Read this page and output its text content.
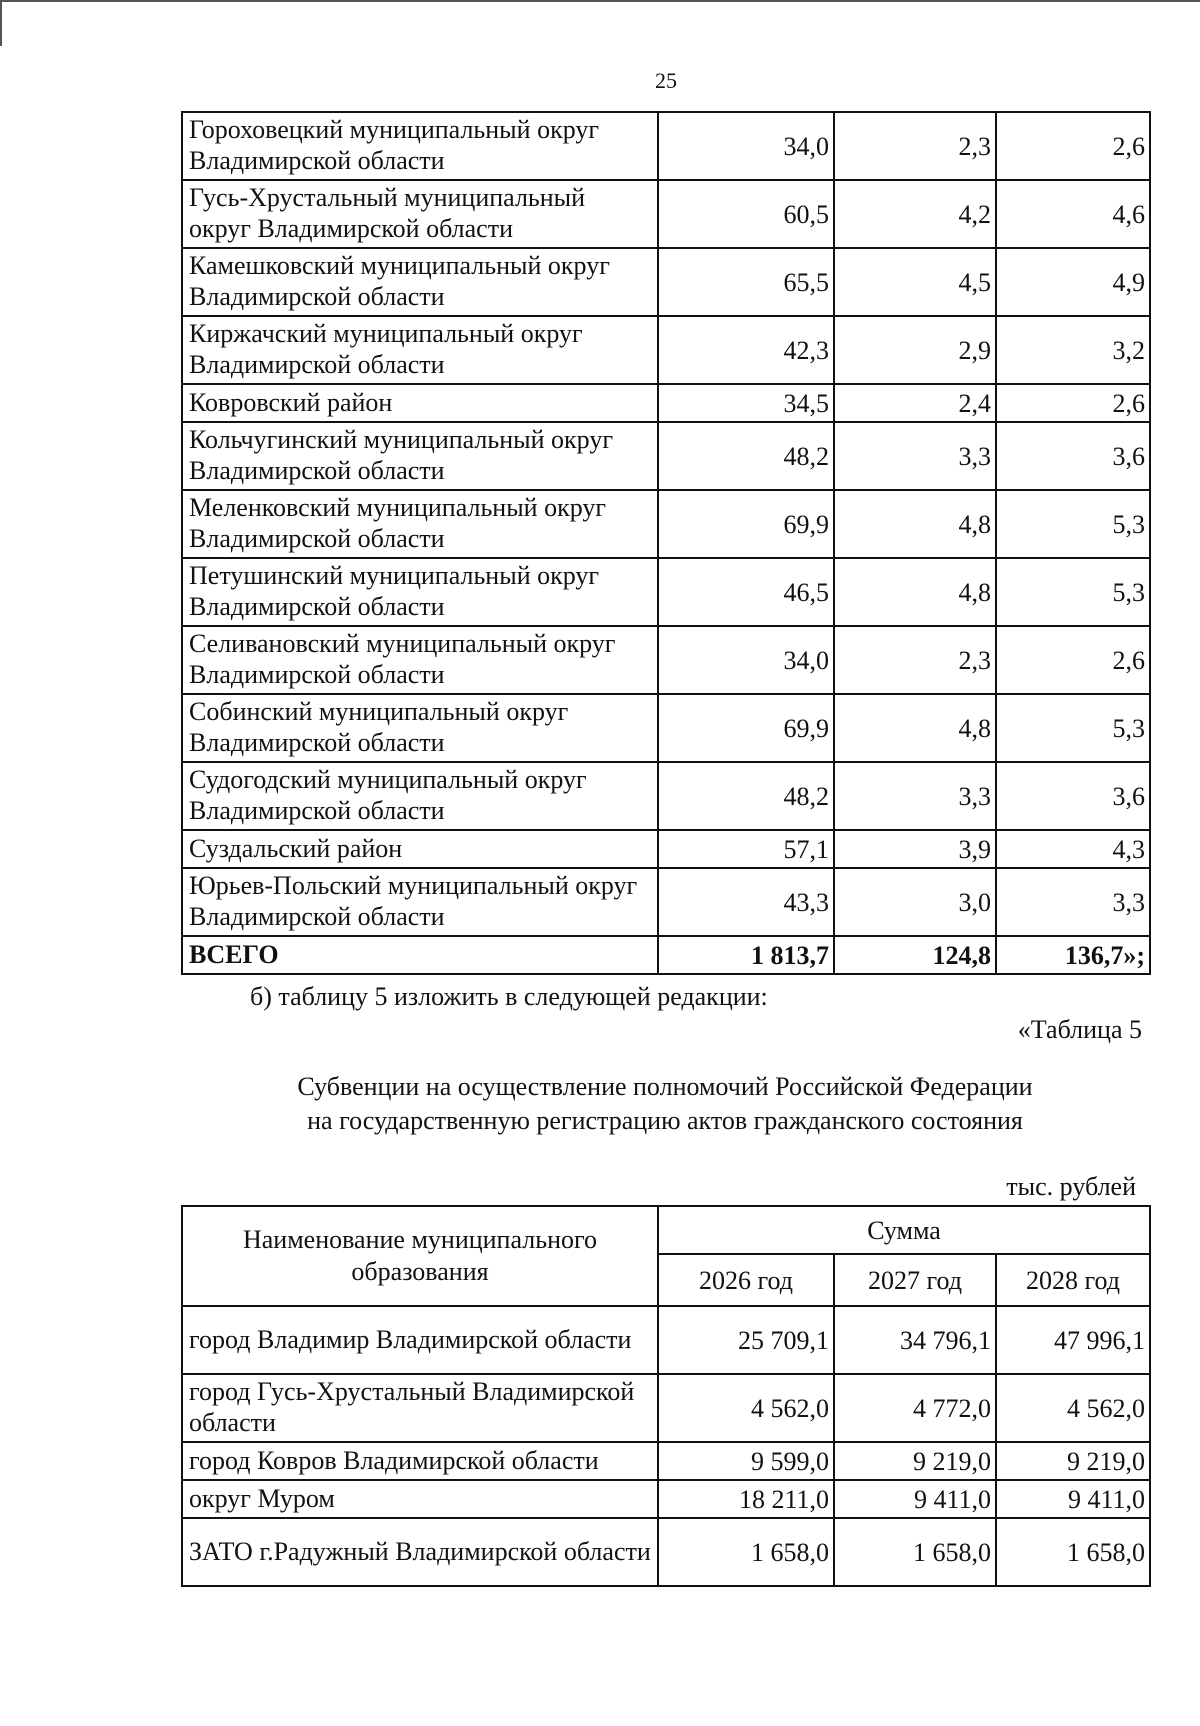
25
Гороховецкий муниципальный округ Владимирской области	34,0	2,3	2,6
Гусь-Хрустальный муниципальный округ Владимирской области	60,5	4,2	4,6
Камешковский муниципальный округ Владимирской области	65,5	4,5	4,9
Киржачский муниципальный округ Владимирской области	42,3	2,9	3,2
Ковровский район	34,5	2,4	2,6
Кольчугинский муниципальный округ Владимирской области	48,2	3,3	3,6
Меленковский муниципальный округ Владимирской области	69,9	4,8	5,3
Петушинский муниципальный округ Владимирской области	46,5	4,8	5,3
Селивановский муниципальный округ Владимирской области	34,0	2,3	2,6
Собинский муниципальный округ Владимирской области	69,9	4,8	5,3
Судогодский муниципальный округ Владимирской области	48,2	3,3	3,6
Суздальский район	57,1	3,9	4,3
Юрьев-Польский муниципальный округ Владимирской области	43,3	3,0	3,3
ВСЕГО	1 813,7	124,8	136,7»;
б) таблицу 5 изложить в следующей редакции:
«Таблица 5
Субвенции на осуществление полномочий Российской Федерации
на государственную регистрацию актов гражданского состояния
тыс. рублей
Наименование муниципального образования	Сумма		
	2026 год	2027 год	2028 год
город Владимир Владимирской области	25 709,1	34 796,1	47 996,1
город Гусь-Хрустальный Владимирской области	4 562,0	4 772,0	4 562,0
город Ковров Владимирской области	9 599,0	9 219,0	9 219,0
округ Муром	18 211,0	9 411,0	9 411,0
ЗАТО г.Радужный Владимирской области	1 658,0	1 658,0	1 658,0
